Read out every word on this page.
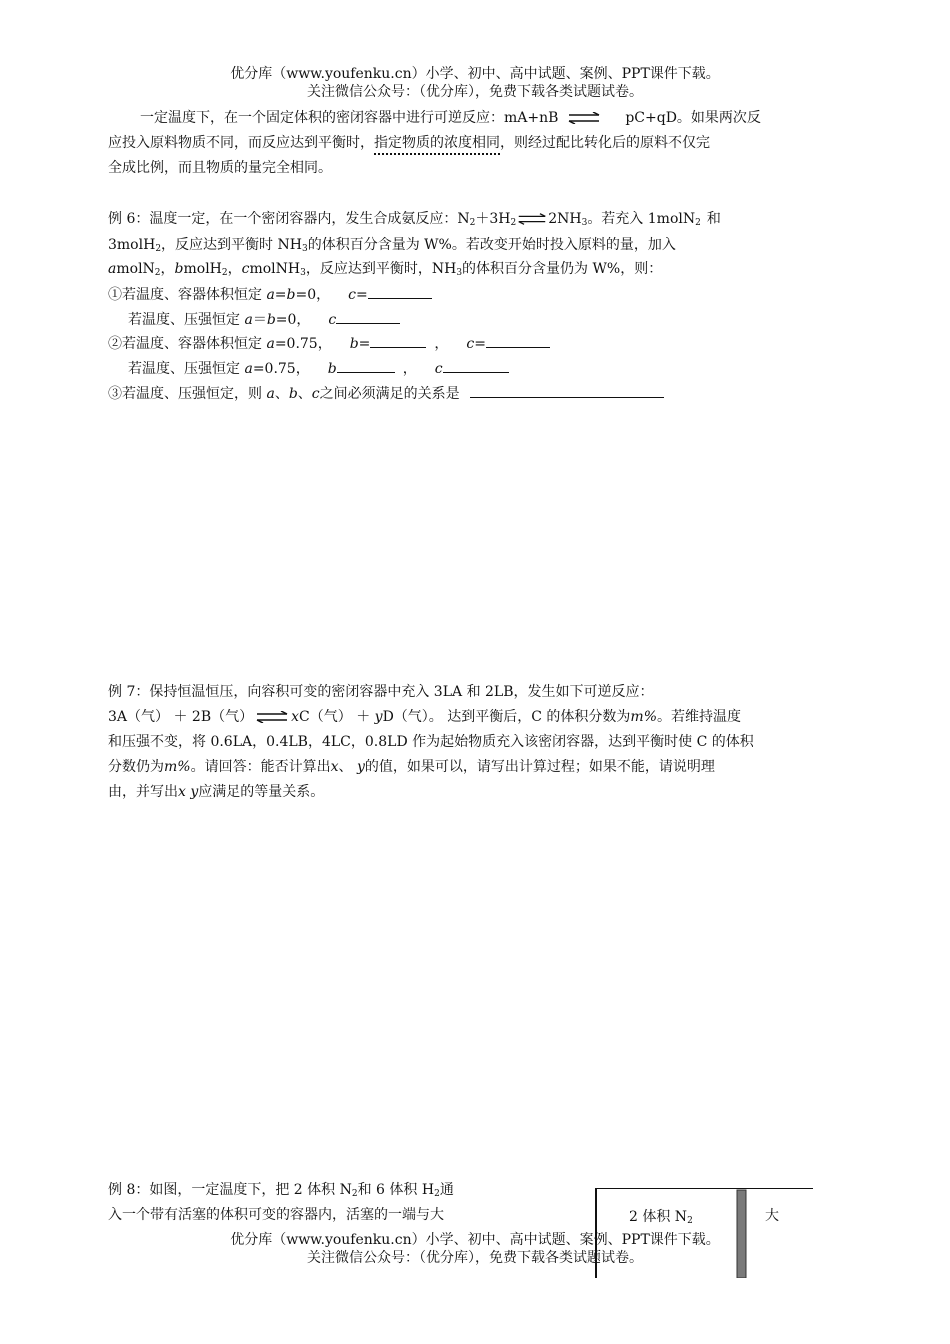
优分库（www.youfenku.cn）小学、初中、高中试题、案例、PPT课件下载。
关注微信公众号：（优分库），免费下载各类试题试卷。
一定温度下，在一个固定体积的密闭容器中进行可逆反应：mA+nB ⇌ pC+qD。如果两次反
应投入原料物质不同，而反应达到平衡时，指定物质的浓度相同，则经过配比转化后的原料不仅完
全成比例，而且物质的量完全相同。
例 6：温度一定，在一个密闭容器内，发生合成氨反应：$N_2+3H_2\rightleftharpoons 2NH_3$。若充入 1molN$_2$ 和
3molH$_2$，反应达到平衡时 $NH_3$的体积百分含量为 W%。若改变开始时投入原料的量，加入
amolN$_2$，bmolH$_2$，cmolNH$_3$，反应达到平衡时，$NH_3$的体积百分含量仍为 W%，则：
①若温度、容器体积恒定 a=b=0， c=
若温度、压强恒定 a＝b=0， c
②若温度、容器体积恒定 a=0.75， b=	， c=
若温度、压强恒定 a=0.75， b	， c
③若温度、压强恒定，则 a、b、c之间必须满足的关系是
例 7：保持恒温恒压，向容积可变的密闭容器中充入 3LA 和 2LB，发生如下可逆反应：
3A（气） ＋ 2B（气） ⇌ xC（气） ＋ yD（气）。 达到平衡后，C 的体积分数为m%。若维持温度
和压强不变，将 0.6LA，0.4LB，4LC，0.8LD 作为起始物质充入该密闭容器，达到平衡时使 C 的体积
分数仍为m%。请回答：能否计算出x、 y的值，如果可以，请写出计算过程；如果不能，请说明理
由，并写出x y应满足的等量关系。
例 8：如图，一定温度下，把 2 体积 $N_2$和 6 体积 $H_2$通
入一个带有活塞的体积可变的容器内，活塞的一端与大	2 体积 $N_2$	大
优分库（www.youfenku.cn）小学、初中、高中试题、案例、PPT课件下载。
关注微信公众号：（优分库），免费下载各类试题试卷。
